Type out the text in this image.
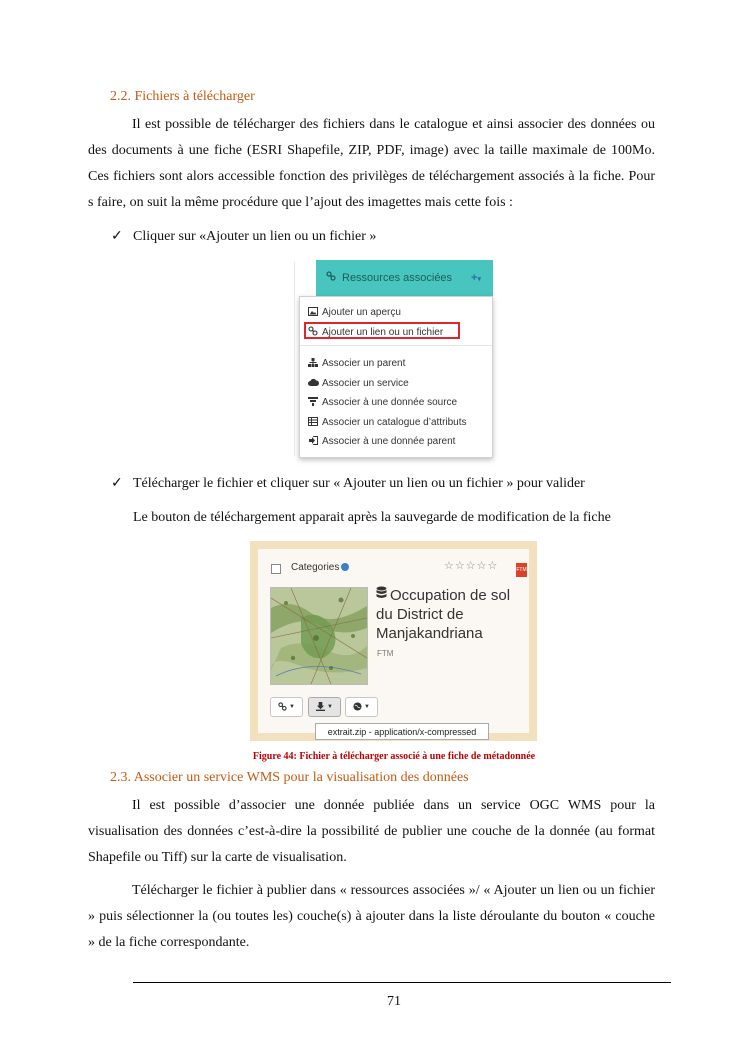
2.2. Fichiers à télécharger
Il est possible de télécharger des fichiers dans le catalogue et ainsi associer des données ou des documents à une fiche (ESRI Shapefile, ZIP, PDF, image) avec la taille maximale de 100Mo. Ces fichiers sont alors accessible fonction des privilèges de téléchargement associés à la fiche. Pour s faire, on suit la même procédure que l’ajout des imagettes mais cette fois :
✓ Cliquer sur «Ajouter un lien ou un fichier »
Ressources associées +▾
Ajouter un aperçu
Ajouter un lien ou un fichier
Associer un parent
Associer un service
Associer à une donnée source
Associer un catalogue d’attributs
Associer à une donnée parent
✓ Télécharger le fichier et cliquer sur « Ajouter un lien ou un fichier » pour valider
Le bouton de téléchargement apparait après la sauvegarde de modification de la fiche
Categories	☆☆☆☆☆	FTM
Occupation de sol du District de Manjakandriana
FTM
▼	▼	▼
extrait.zip - application/x-compressed
Figure 44: Fichier à télécharger associé à une fiche de métadonnée
2.3. Associer un service WMS pour la visualisation des données
Il est possible d’associer une donnée publiée dans un service OGC WMS pour la visualisation des données c’est-à-dire la possibilité de publier une couche de la donnée (au format Shapefile ou Tiff) sur la carte de visualisation.
Télécharger le fichier à publier dans « ressources associées »/ « Ajouter un lien ou un fichier » puis sélectionner la (ou toutes les) couche(s) à ajouter dans la liste déroulante du bouton « couche » de la fiche correspondante.
71
